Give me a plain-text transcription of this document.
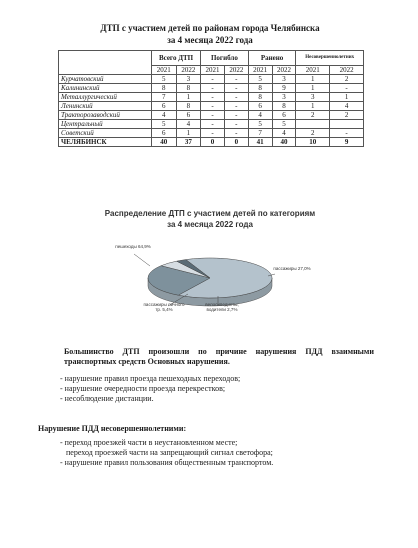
ДТП с участием детей по районам города Челябинска
за 4 месяца 2022 года
	Всего ДТП		Погибло		Ранено		Несовершеннолетних	
	2021	2022	2021	2022	2021	2022	2021	2022
Курчатовский	5	3	-	-	5	3	1	2
Калининский	8	8	-	-	8	9	1	-
Металлургический	7	1	-	-	8	3	3	1
Ленинский	6	8	-	-	6	8	1	4
Тракторозаводский	4	6	-	-	4	6	2	2
Центральный	5	4	-	-	5	5		
Советский	6	1	-	-	7	4	2	-
ЧЕЛЯБИНСК	40	37	0	0	41	40	10	9
Распределение ДТП с участием детей по категориям
за 4 месяца 2022 года
пешеходы 64,9%
пассажиры 27,0%
пассажиры личного тр. 5,4%
велосипедисты, водители 2,7%
Большинство ДТП произошли по причине нарушения ПДД взаимными транспортных средств Основных нарушения.
- нарушение правил проезда пешеходных переходов;
- нарушение очередности проезда перекрестков;
- несоблюдение дистанции.
Нарушение ПДД несовершеннолетними:
- переход проезжей части в неустановленном месте;
переход проезжей части на запрещающий сигнал светофора;
- нарушение правил пользования общественным транспортом.
